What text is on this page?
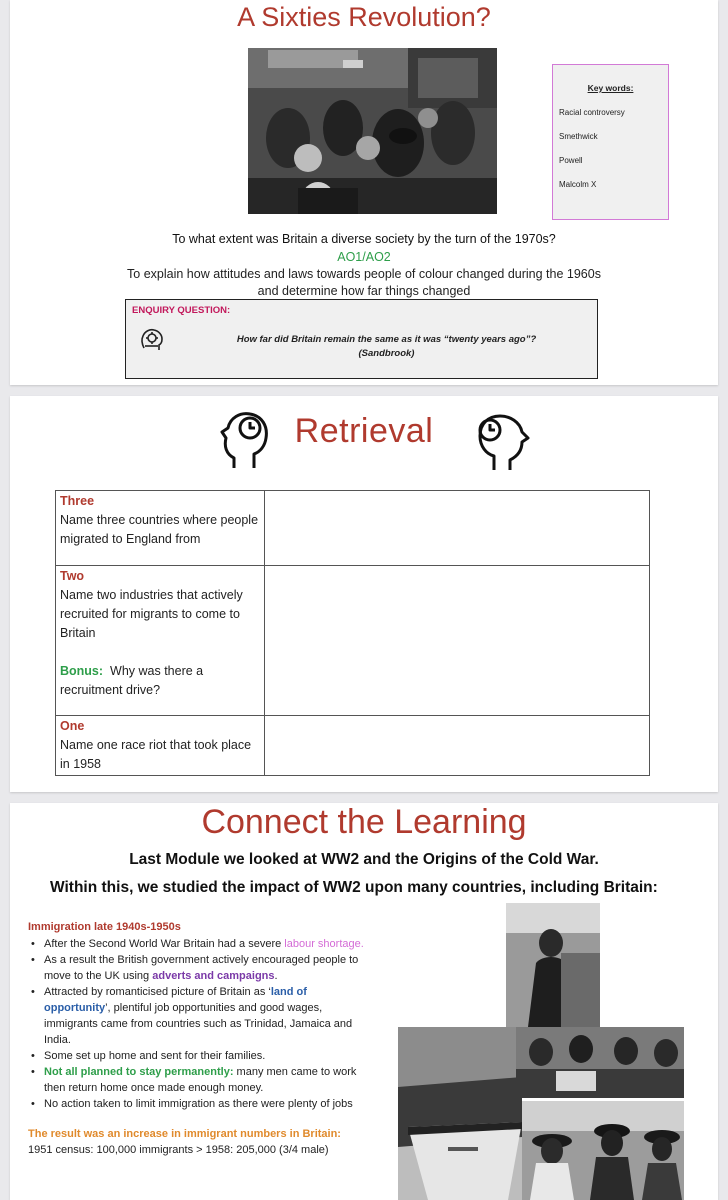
A Sixties Revolution?
Key words:
Racial controversy
Smethwick
Powell
Malcolm X
To what extent was Britain a diverse society by the turn of the 1970s?
AO1/AO2
To explain how attitudes and laws towards people of colour changed during the 1960s and determine how far things changed
ENQUIRY QUESTION:
How far did Britain remain the same as it was “twenty years ago”?
(Sandbrook)
Retrieval
Three
Name three countries where people migrated to England from	

Two
Name two industries that actively recruited for migrants to come to Britain
Bonus: Why was there a recruitment drive?	

One
Name one race riot that took place in 1958	

Connect the Learning
Last Module we looked at WW2 and the Origins of the Cold War.
Within this, we studied the impact of WW2 upon many countries, including Britain:
Immigration late 1940s-1950s
• After the Second World War Britain had a severe labour shortage.
• As a result the British government actively encouraged people to move to the UK using adverts and campaigns.
• Attracted by romanticised picture of Britain as ‘land of opportunity’, plentiful job opportunities and good wages, immigrants came from countries such as Trinidad, Jamaica and India.
• Some set up home and sent for their families.
• Not all planned to stay permanently: many men came to work then return home once made enough money.
• No action taken to limit immigration as there were plenty of jobs
The result was an increase in immigrant numbers in Britain:
1951 census: 100,000 immigrants > 1958: 205,000 (3/4 male)
